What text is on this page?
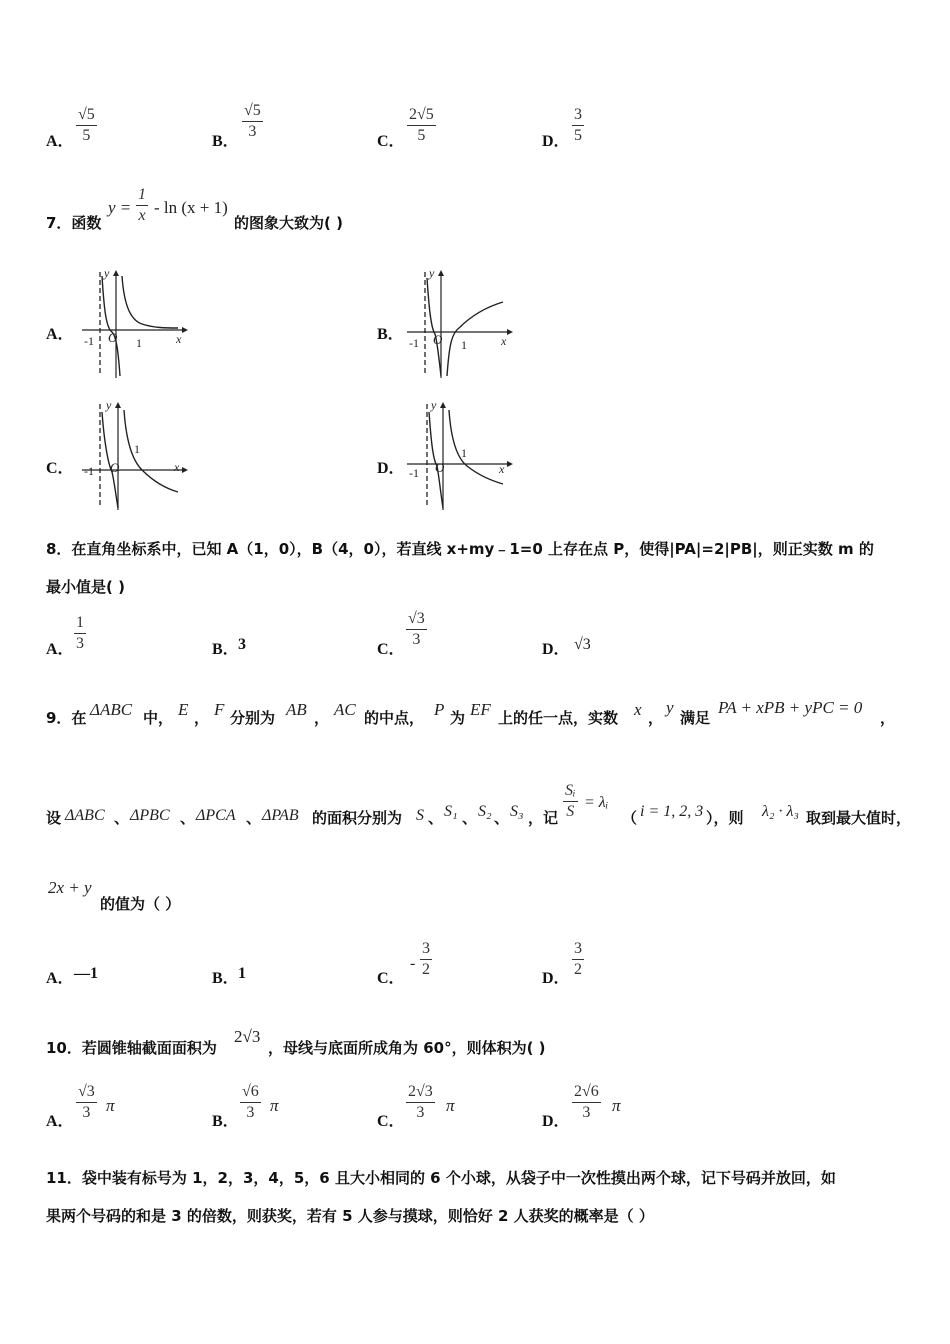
A．
√5
5	B．
√5
3
C．
2√5
5	D．
3
5
7．函数
y =
1
x - ln (x + 1)
的图象大致为( )
A．
y
x
O
-1	1	B．
y
x
O
-1	1
C．
y
x
O
-1
1
D．
y
x
O
-1
1
8．在直角坐标系中，已知 A（1，0），B（4，0），若直线 x+my﹣1=0 上存在点 P，使得|PA|=2|PB|，则正实数 m 的
最小值是( )
A．
1
3	B． 3	C．
√3
3
D． √3
9．在 ΔABC 中， E ， F 分别为 AB ， AC 的中点， P 为 EF 上的任一点，实数 x ，
y
满足
PA + xPB + yPC = 0
，
设 ΔABC 、 ΔPBC 、 ΔPCA 、 ΔPAB 的面积分别为 S 、 S₁ 、 S₂ 、 S₃ ，记
Sᵢ
S
= λᵢ
（ i = 1, 2, 3 ），则 λ₂ · λ₃ 取到最大值时，
2x + y
的值为（ ）
A． —1	B． 1	C．
-
3
2
D．
3
2
10．若圆锥轴截面面积为
2√3
，母线与底面所成角为 60°，则体积为( )
A．
√3
3 π
B．
√6
3 π
C．
2√3
3	π
D．
2√6
3	π
11．袋中装有标号为 1，2，3，4，5，6 且大小相同的 6 个小球，从袋子中一次性摸出两个球，记下号码并放回，如
果两个号码的和是 3 的倍数，则获奖，若有 5 人参与摸球，则恰好 2 人获奖的概率是（ ）
